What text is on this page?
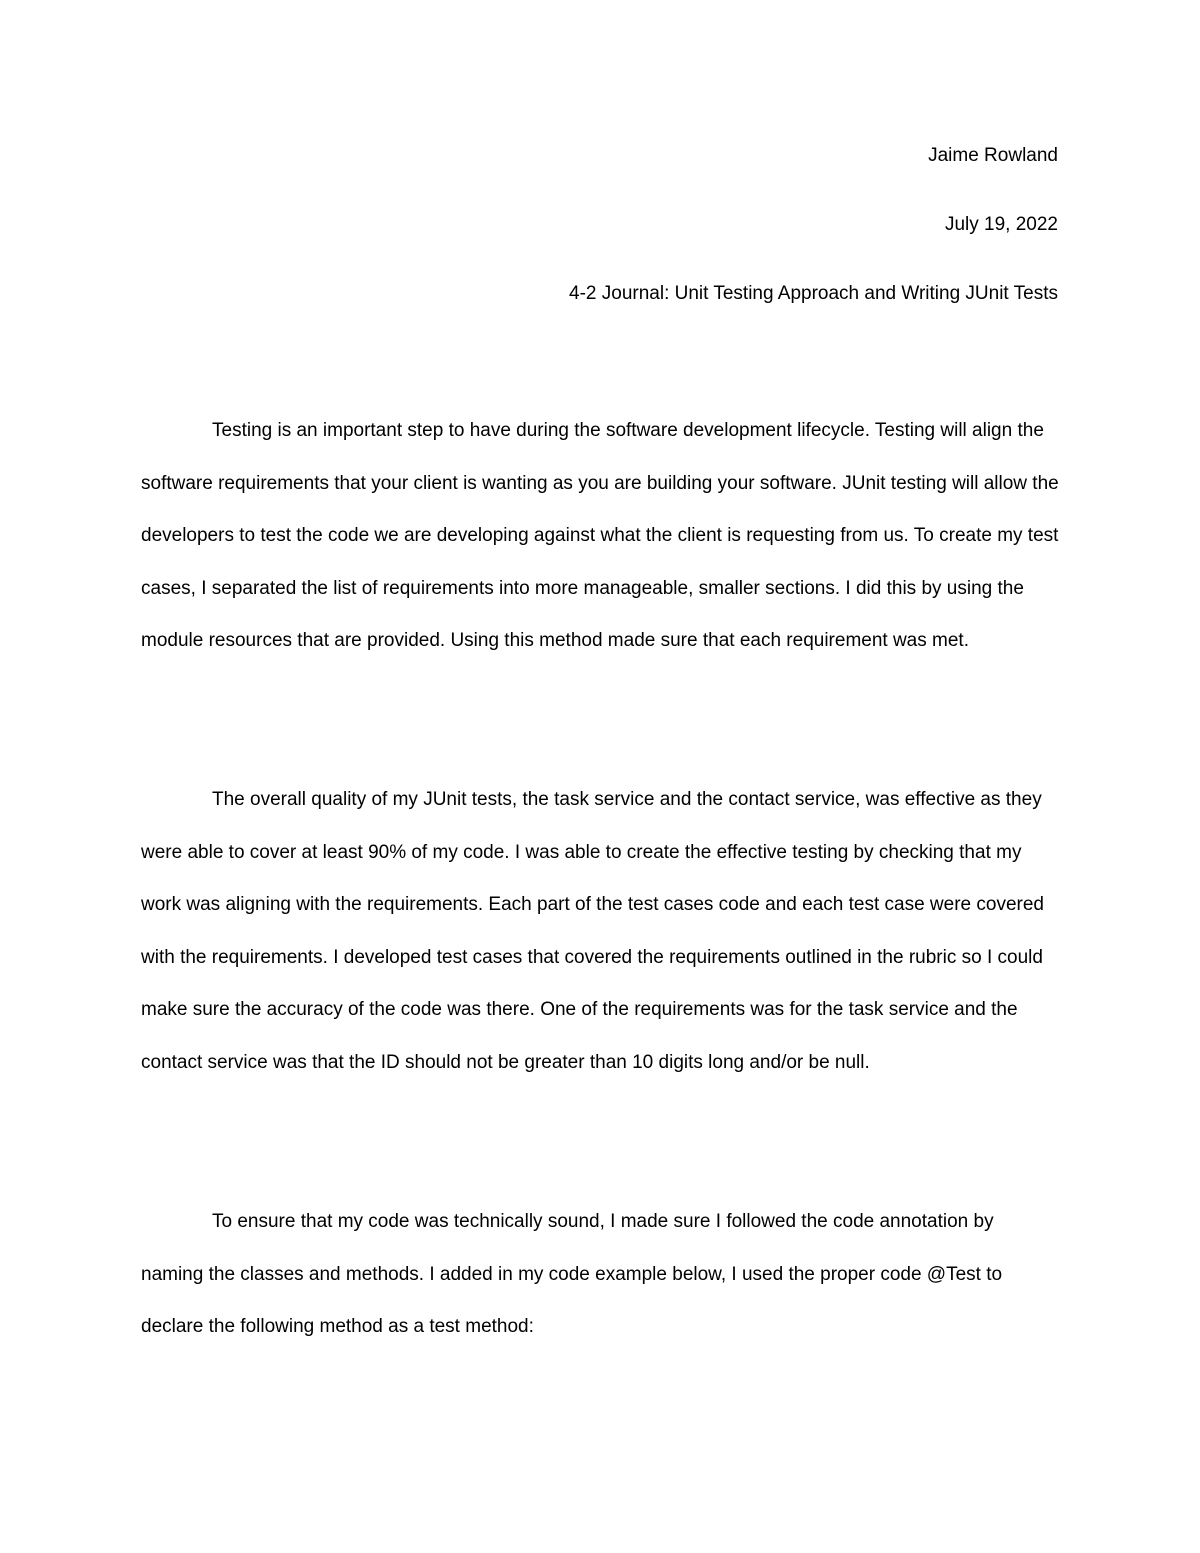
Jaime Rowland
July 19, 2022
4-2 Journal: Unit Testing Approach and Writing JUnit Tests

Testing is an important step to have during the software development lifecycle. Testing will align the software requirements that your client is wanting as you are building your software. JUnit testing will allow the developers to test the code we are developing against what the client is requesting from us. To create my test cases, I separated the list of requirements into more manageable, smaller sections. I did this by using the module resources that are provided. Using this method made sure that each requirement was met.

The overall quality of my JUnit tests, the task service and the contact service, was effective as they were able to cover at least 90% of my code. I was able to create the effective testing by checking that my work was aligning with the requirements. Each part of the test cases code and each test case were covered with the requirements. I developed test cases that covered the requirements outlined in the rubric so I could make sure the accuracy of the code was there. One of the requirements was for the task service and the contact service was that the ID should not be greater than 10 digits long and/or be null.

To ensure that my code was technically sound, I made sure I followed the code annotation by naming the classes and methods. I added in my code example below, I used the proper code @Test to declare the following method as a test method:
